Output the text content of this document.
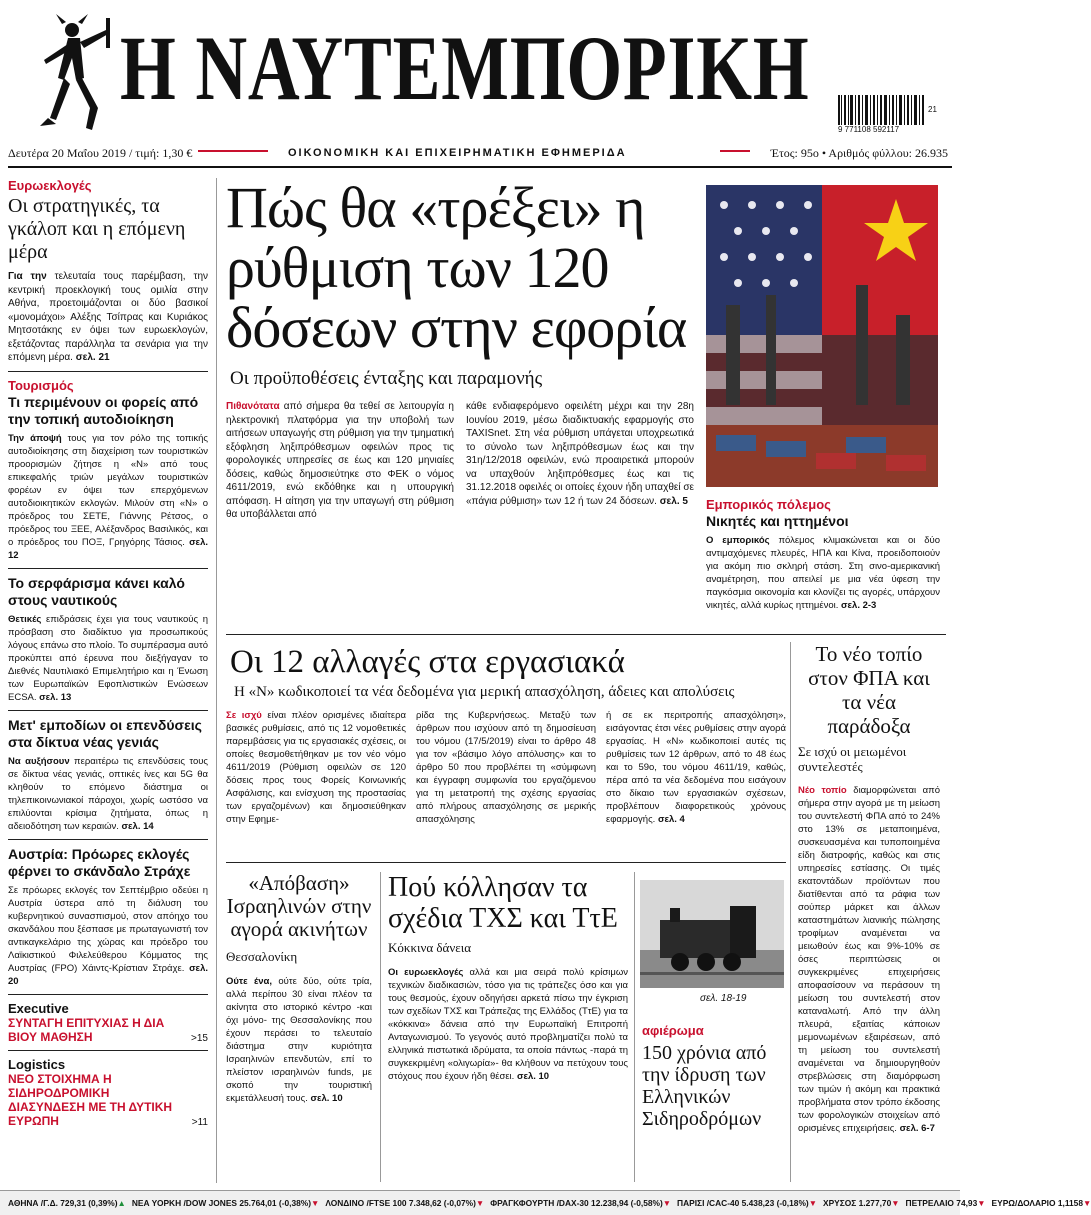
Η ΝΑΥΤΕΜΠΟΡΙΚΗ
9 771108 592117
21
Δευτέρα 20 Μαΐου 2019 / τιμή: 1,30 €	ΟΙΚΟΝΟΜΙΚΗ ΚΑΙ ΕΠΙΧΕΙΡΗΜΑΤΙΚΗ ΕΦΗΜΕΡΙΔΑ	Έτος: 95ο • Αριθμός φύλλου: 26.935
Ευρωεκλογές
Οι στρατηγικές, τα γκάλοπ και η επόμενη μέρα
Για την τελευταία τους παρέμβαση, την κεντρική προεκλογική τους ομιλία στην Αθήνα, προετοιμάζονται οι δύο βασικοί «μονομάχοι» Αλέξης Τσίπρας και Κυριάκος Μητσοτάκης εν όψει των ευρωεκλογών, εξετάζοντας παράλληλα τα σενάρια για την επόμενη μέρα. σελ. 21
Τουρισμός
Τι περιμένουν οι φορείς από την τοπική αυτοδιοίκηση
Την άποψή τους για τον ρόλο της τοπικής αυτοδιοίκησης στη διαχείριση των τουριστικών προορισμών ζήτησε η «Ν» από τους επικεφαλής τριών μεγάλων τουριστικών φορέων εν όψει των επερχόμενων αυτοδιοικητικών εκλογών. Μιλούν στη «Ν» ο πρόεδρος του ΣΕΤΕ, Γιάννης Ρέτσος, ο πρόεδρος του ΞΕΕ, Αλέξανδρος Βασιλικός, και ο πρόεδρος του ΠΟΞ, Γρηγόρης Τάσιος. σελ. 12
Το σερφάρισμα κάνει καλό στους ναυτικούς
Θετικές επιδράσεις έχει για τους ναυτικούς η πρόσβαση στο διαδίκτυο για προσωπικούς λόγους επάνω στο πλοίο. Το συμπέρασμα αυτό προκύπτει από έρευνα που διεξήγαγαν το Διεθνές Ναυτιλιακό Επιμελητήριο και η Ένωση των Ευρωπαϊκών Εφοπλιστικών Ενώσεων ECSA. σελ. 13
Μετ' εμποδίων οι επενδύσεις στα δίκτυα νέας γενιάς
Να αυξήσουν περαιτέρω τις επενδύσεις τους σε δίκτυα νέας γενιάς, οπτικές ίνες και 5G θα κληθούν το επόμενο διάστημα οι τηλεπικοινωνιακοί πάροχοι, χωρίς ωστόσο να επιλύονται κρίσιμα ζητήματα, όπως η αδειοδότηση των κεραιών. σελ. 14
Αυστρία: Πρόωρες εκλογές φέρνει το σκάνδαλο Στράχε
Σε πρόωρες εκλογές τον Σεπτέμβριο οδεύει η Αυστρία ύστερα από τη διάλυση του κυβερνητικού συνασπισμού, στον απόηχο του σκανδάλου που ξέσπασε με πρωταγωνιστή τον αντικαγκελάριο της χώρας και πρόεδρο του Λαϊκιστικού Φιλελεύθερου Κόμματος της Αυστρίας (FPO) Χάιντς-Κρίστιαν Στράχε. σελ. 20
Executive
ΣΥΝΤΑΓΗ ΕΠΙΤΥΧΙΑΣ Η ΔΙΑ ΒΙΟΥ ΜΑΘΗΣΗ	>15
Logistics
ΝΕΟ ΣΤΟΙΧΗΜΑ Η ΣΙΔΗΡΟΔΡΟΜΙΚΗ ΔΙΑΣΥΝΔΕΣΗ ΜΕ ΤΗ ΔΥΤΙΚΗ ΕΥΡΩΠΗ	>11
Πώς θα «τρέξει» η ρύθμιση των 120 δόσεων στην εφορία
Οι προϋποθέσεις ένταξης και παραμονής
Πιθανότατα από σήμερα θα τεθεί σε λειτουργία η ηλεκτρονική πλατφόρμα για την υποβολή των αιτήσεων υπαγωγής στη ρύθμιση για την τμηματική εξόφληση ληξιπρόθεσμων οφειλών προς τις φορολογικές υπηρεσίες σε έως και 120 μηνιαίες δόσεις, καθώς δημοσιεύτηκε στο ΦΕΚ ο νόμος 4611/2019, ενώ εκδόθηκε και η υπουργική απόφαση. Η αίτηση για την υπαγωγή στη ρύθμιση θα υποβάλλεται από
κάθε ενδιαφερόμενο οφειλέτη μέχρι και την 28η Ιουνίου 2019, μέσω διαδικτυακής εφαρμογής στο TAXISnet. Στη νέα ρύθμιση υπάγεται υποχρεωτικά το σύνολο των ληξιπρόθεσμων έως και την 31η/12/2018 οφειλών, ενώ προαιρετικά μπορούν να υπαχθούν ληξιπρόθεσμες έως και τις 31.12.2018 οφειλές οι οποίες έχουν ήδη υπαχθεί σε «πάγια ρύθμιση» των 12 ή των 24 δόσεων. σελ. 5	Εμπορικός πόλεμος
Νικητές και ηττημένοι
Ο εμπορικός πόλεμος κλιμακώνεται και οι δύο αντιμαχόμενες πλευρές, ΗΠΑ και Κίνα, προειδοποιούν για ακόμη πιο σκληρή στάση. Στη σινο-αμερικανική αναμέτρηση, που απειλεί με μια νέα ύφεση την παγκόσμια οικονομία και κλονίζει τις αγορές, υπάρχουν νικητές, αλλά κυρίως ηττημένοι. σελ. 2-3
Οι 12 αλλαγές στα εργασιακά
Η «Ν» κωδικοποιεί τα νέα δεδομένα για μερική απασχόληση, άδειες και απολύσεις
Σε ισχύ είναι πλέον ορισμένες ιδιαίτερα βασικές ρυθμίσεις, από τις 12 νομοθετικές παρεμβάσεις για τις εργασιακές σχέσεις, οι οποίες θεσμοθετήθηκαν με τον νέο νόμο 4611/2019 (Ρύθμιση οφειλών σε 120 δόσεις προς τους Φορείς Κοινωνικής Ασφάλισης, και ενίσχυση της προστασίας των εργαζομένων) και δημοσιεύθηκαν στην Εφημε-
ρίδα της Κυβερνήσεως. Μεταξύ των άρθρων που ισχύουν από τη δημοσίευση του νόμου (17/5/2019) είναι το άρθρο 48 για τον «βάσιμο λόγο απόλυσης» και το άρθρο 50 που προβλέπει τη «σύμφωνη και έγγραφη συμφωνία του εργαζόμενου για τη μετατροπή της σχέσης εργασίας από πλήρους απασχόλησης σε μερικής απασχόλησης
ή σε εκ περιτροπής απασχόληση», εισάγοντας έτσι νέες ρυθμίσεις στην αγορά εργασίας. Η «Ν» κωδικοποιεί αυτές τις ρυθμίσεις των 12 άρθρων, από το 48 έως και το 59ο, του νόμου 4611/19, καθώς, πέρα από τα νέα δεδομένα που εισάγουν στο δίκαιο των εργασιακών σχέσεων, προβλέπουν διαφορετικούς χρόνους εφαρμογής. σελ. 4
Το νέο τοπίο στον ΦΠΑ και τα νέα παράδοξα
Σε ισχύ οι μειωμένοι συντελεστές
Νέο τοπίο διαμορφώνεται από σήμερα στην αγορά με τη μείωση του συντελεστή ΦΠΑ από το 24% στο 13% σε μεταποιημένα, συσκευασμένα και τυποποιημένα είδη διατροφής, καθώς και στις υπηρεσίες εστίασης. Οι τιμές εκατοντάδων προϊόντων που διατίθενται από τα ράφια των σούπερ μάρκετ και άλλων καταστημάτων λιανικής πώλησης τροφίμων αναμένεται να μειωθούν έως και 9%-10% σε όσες περιπτώσεις οι συγκεκριμένες επιχειρήσεις αποφασίσουν να περάσουν τη μείωση του συντελεστή στον καταναλωτή. Από την άλλη πλευρά, εξαιτίας κάποιων μεμονωμένων εξαιρέσεων, από τη μείωση του συντελεστή αναμένεται να δημιουργηθούν στρεβλώσεις στη διαμόρφωση των τιμών ή ακόμη και πρακτικά προβλήματα στον τρόπο έκδοσης των φορολογικών στοιχείων από ορισμένες επιχειρήσεις. σελ. 6-7
«Απόβαση» Ισραηλινών στην αγορά ακινήτων
Θεσσαλονίκη
Ούτε ένα, ούτε δύο, ούτε τρία, αλλά περίπου 30 είναι πλέον τα ακίνητα στο ιστορικό κέντρο -και όχι μόνο- της Θεσσαλονίκης που έχουν περάσει το τελευταίο διάστημα στην κυριότητα Ισραηλινών επενδυτών, επί το πλείστον ισραηλινών funds, με σκοπό την τουριστική εκμετάλλευσή τους. σελ. 10
Πού κόλλησαν τα σχέδια ΤΧΣ και ΤτΕ
Κόκκινα δάνεια
Οι ευρωεκλογές αλλά και μια σειρά πολύ κρίσιμων τεχνικών διαδικασιών, τόσο για τις τράπεζες όσο και για τους θεσμούς, έχουν οδηγήσει αρκετά πίσω την έγκριση των σχεδίων ΤΧΣ και Τράπεζας της Ελλάδος (ΤτΕ) για τα «κόκκινα» δάνεια από την Ευρωπαϊκή Επιτροπή Ανταγωνισμού. Το γεγονός αυτό προβληματίζει πολύ τα ελληνικά πιστωτικά ιδρύματα, τα οποία πάντως -παρά τη συγκεκριμένη «ολιγωρία»- θα κλήθουν να πετύχουν τους στόχους που έχουν ήδη θέσει. σελ. 10
σελ. 18-19
αφιέρωμα
150 χρόνια από την ίδρυση των Ελληνικών Σιδηροδρόμων
ΑΘΗΝΑ /Γ.Δ. 729,31 (0,39%)▲ ΝΕΑ ΥΟΡΚΗ /DOW JONES 25.764,01 (-0,38%)▼ ΛΟΝΔΙΝΟ /FTSE 100 7.348,62 (-0,07%)▼ ΦΡΑΓΚΦΟΥΡΤΗ /DAX-30 12.238,94 (-0,58%)▼ ΠΑΡΙΣΙ /CAC-40 5.438,23 (-0,18%)▼ ΧΡΥΣΟΣ 1.277,70▼ ΠΕΤΡΕΛΑΙΟ 74,93▼ ΕΥΡΩ/ΔΟΛΑΡΙΟ 1,1158▼
